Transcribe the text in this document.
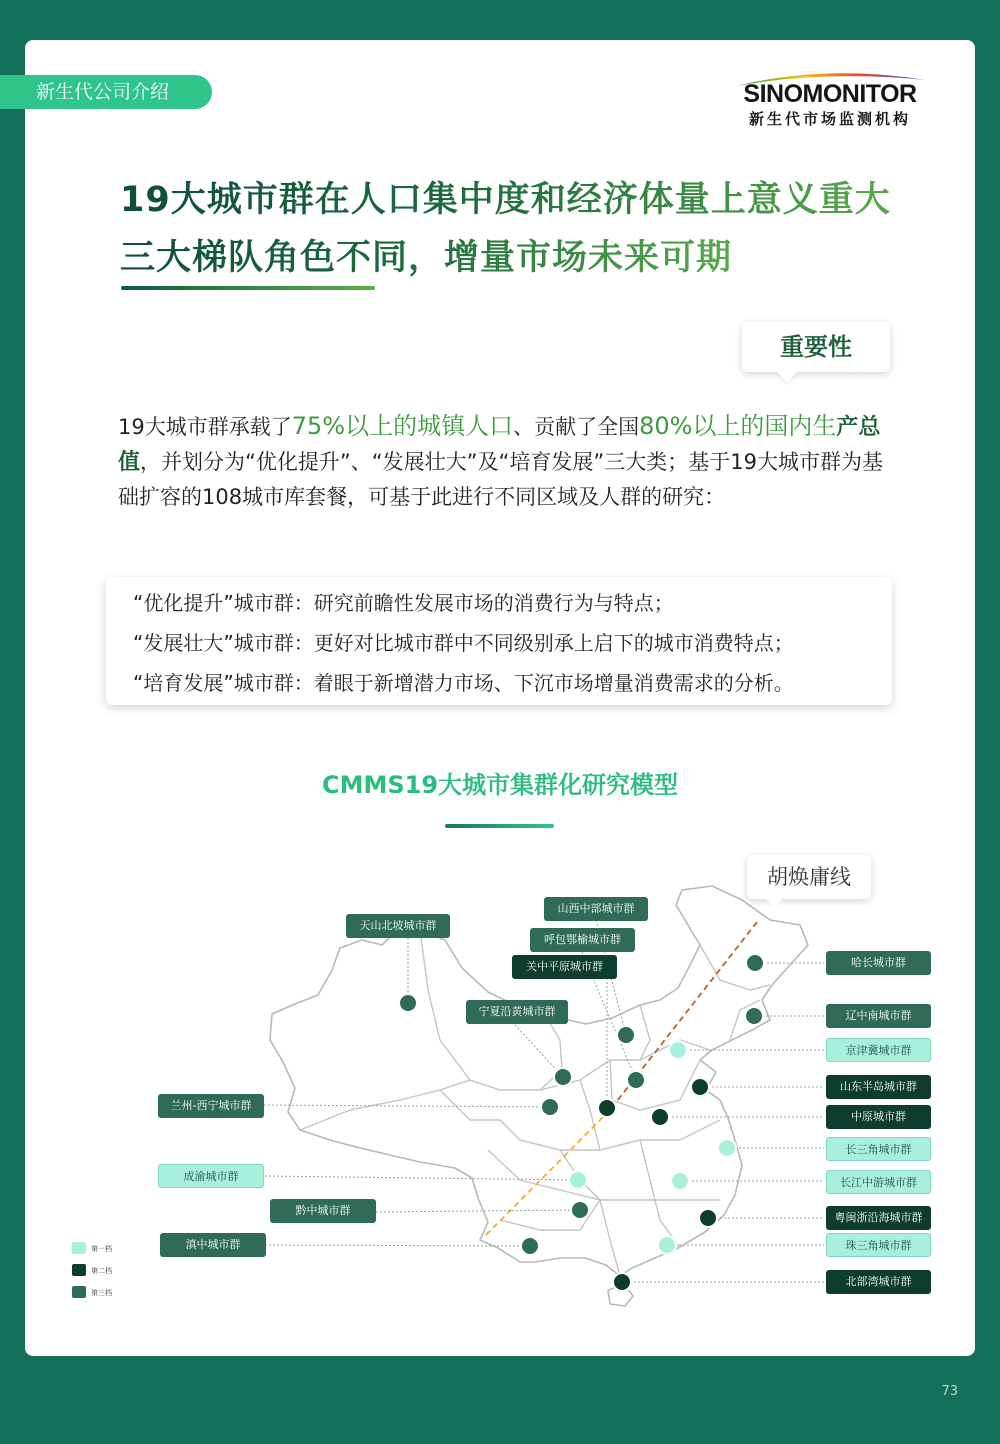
新生代公司介绍	SINOMONITOR
新生代市场监测机构
19大城市群在人口集中度和经济体量上意义重大
三大梯队角色不同，增量市场未来可期
重要性
19大城市群承载了75%以上的城镇人口、贡献了全国80%以上的国内生产总值，并划分为“优化提升”、“发展壮大”及“培育发展”三大类；基于19大城市群为基础扩容的108城市库套餐，可基于此进行不同区域及人群的研究：
“优化提升”城市群：研究前瞻性发展市场的消费行为与特点；
“发展壮大”城市群：更好对比城市群中不同级别承上启下的城市消费特点；
“培育发展”城市群：着眼于新增潜力市场、下沉市场增量消费需求的分析。
CMMS19大城市集群化研究模型
胡焕庸线
山西中部城市群
呼包鄂榆城市群
关中平原城市群
天山北坡城市群
宁夏沿黄城市群
兰州-西宁城市群
成渝城市群
黔中城市群
滇中城市群
哈长城市群
辽中南城市群
京津冀城市群
山东半岛城市群
中原城市群
长三角城市群
长江中游城市群
粤闽浙沿海城市群
珠三角城市群
北部湾城市群
第一档
第二档
第三档
73
